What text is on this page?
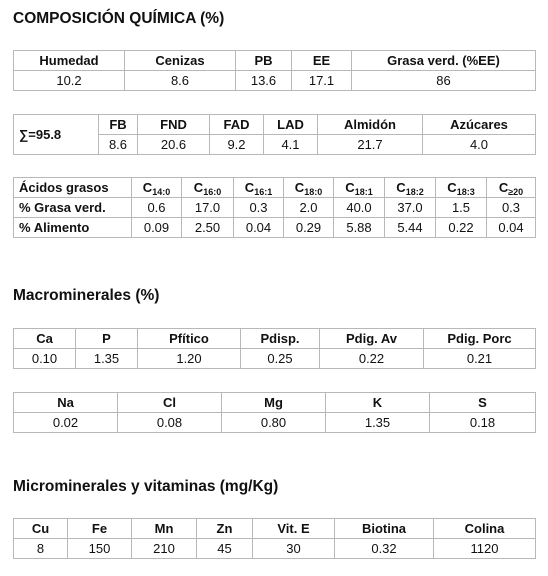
COMPOSICIÓN QUÍMICA (%)
Humedad	Cenizas	PB	EE	Grasa verd. (%EE)
10.2	8.6	13.6	17.1	86
∑=95.8	FB	FND	FAD	LAD	Almidón	Azúcares
	8.6	20.6	9.2	4.1	21.7	4.0
Ácidos grasos	$C_{14:0}$	$C_{16:0}$	$C_{16:1}$	$C_{18:0}$	$C_{18:1}$	$C_{18:2}$	$C_{18:3}$	$C_{\ge 20}$
% Grasa verd.	0.6	17.0	0.3	2.0	40.0	37.0	1.5	0.3
% Alimento	0.09	2.50	0.04	0.29	5.88	5.44	0.22	0.04
Macrominerales (%)
Ca	P	Pfítico	Pdisp.	Pdig. Av	Pdig. Porc
0.10	1.35	1.20	0.25	0.22	0.21
Na	Cl	Mg	K	S
0.02	0.08	0.80	1.35	0.18
Microminerales y vitaminas (mg/Kg)
Cu	Fe	Mn	Zn	Vit. E	Biotina	Colina
8	150	210	45	30	0.32	1120
